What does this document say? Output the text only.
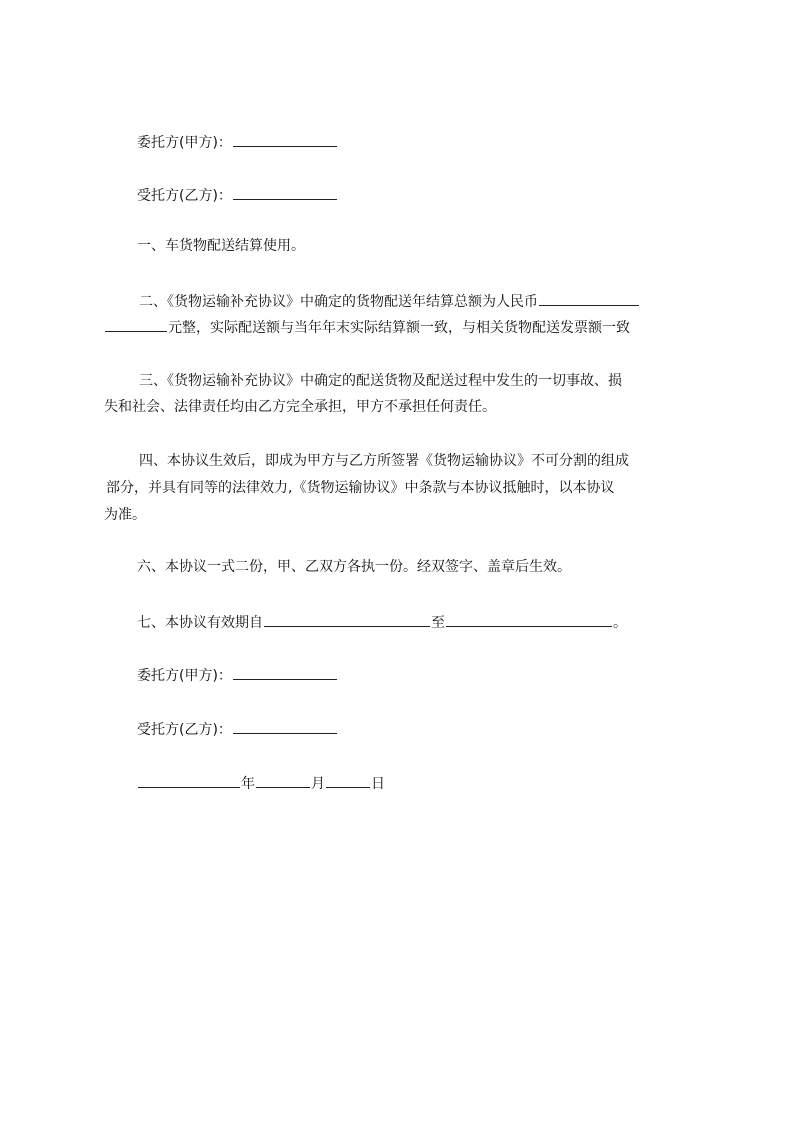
委托方(甲方)：
受托方(乙方)：
一、车货物配送结算使用。
二、《货物运输补充协议》中确定的货物配送年结算总额为人民币
元整，实际配送额与当年年末实际结算额一致，与相关货物配送发票额一致
三、《货物运输补充协议》中确定的配送货物及配送过程中发生的一切事故、损
失和社会、法律责任均由乙方完全承担，甲方不承担任何责任。
四、本协议生效后，即成为甲方与乙方所签署《货物运输协议》不可分割的组成
部分，并具有同等的法律效力,《货物运输协议》中条款与本协议抵触时，以本协议
为准。
六、本协议一式二份，甲、乙双方各执一份。经双签字、盖章后生效。
七、本协议有效期自	至	。
委托方(甲方)：
受托方(乙方)：
年	月	日
